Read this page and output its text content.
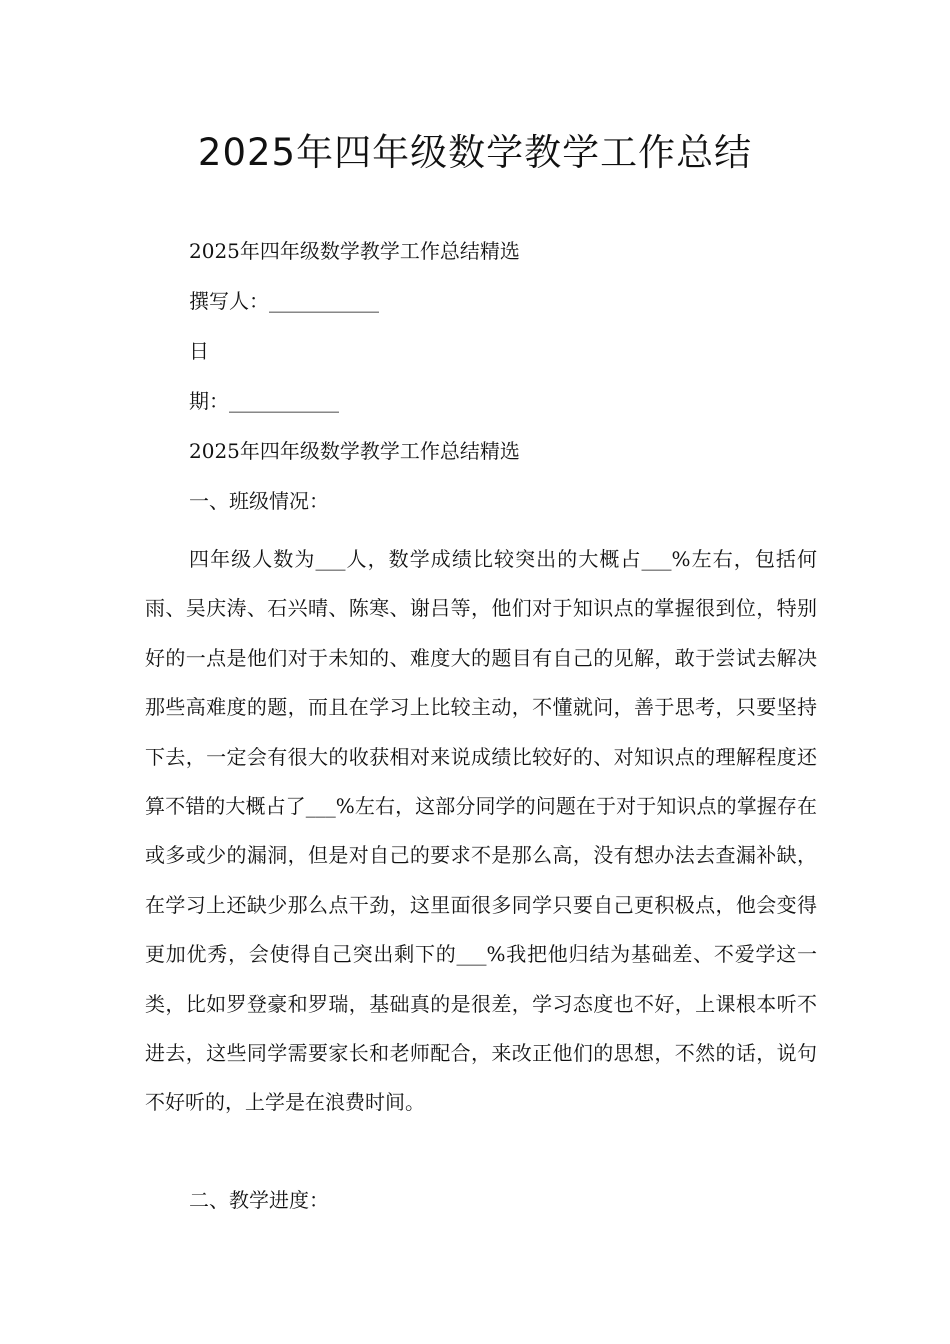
2025年四年级数学教学工作总结
2025年四年级数学教学工作总结精选
撰写人：___________
日
期：___________
2025年四年级数学教学工作总结精选
一、班级情况：

四年级人数为___人，数学成绩比较突出的大概占___%左右，包括何雨、吴庆涛、石兴晴、陈寒、谢吕等，他们对于知识点的掌握很到位，特别好的一点是他们对于未知的、难度大的题目有自己的见解，敢于尝试去解决那些高难度的题，而且在学习上比较主动，不懂就问，善于思考，只要坚持下去，一定会有很大的收获相对来说成绩比较好的、对知识点的理解程度还算不错的大概占了___%左右，这部分同学的问题在于对于知识点的掌握存在或多或少的漏洞，但是对自己的要求不是那么高，没有想办法去查漏补缺，在学习上还缺少那么点干劲，这里面很多同学只要自己更积极点，他会变得更加优秀，会使得自己突出剩下的___%我把他归结为基础差、不爱学这一类，比如罗登豪和罗瑞，基础真的是很差，学习态度也不好，上课根本听不进去，这些同学需要家长和老师配合，来改正他们的思想，不然的话，说句不好听的，上学是在浪费时间。

二、教学进度：
